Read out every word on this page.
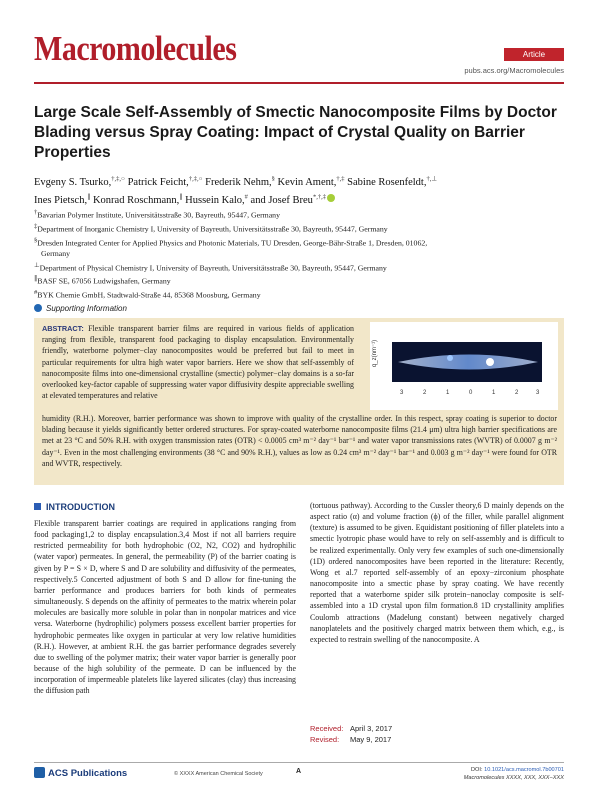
Macromolecules	Article
pubs.acs.org/Macromolecules
Large Scale Self-Assembly of Smectic Nanocomposite Films by Doctor Blading versus Spray Coating: Impact of Crystal Quality on Barrier Properties
Evgeny S. Tsurko,†,‡,○ Patrick Feicht,†,‡,○ Frederik Nehm,§ Kevin Ament,†,‡ Sabine Rosenfeldt,†,⊥
Ines Pietsch,∥ Konrad Roschmann,∥ Hussein Kalo,# and Josef Breu*,†,‡
†Bavarian Polymer Institute, Universitätsstraße 30, Bayreuth, 95447, Germany
‡Department of Inorganic Chemistry I, University of Bayreuth, Universitätsstraße 30, Bayreuth, 95447, Germany
§Dresden Integrated Center for Applied Physics and Photonic Materials, TU Dresden, George-Bähr-Straße 1, Dresden, 01062,
Germany
⊥Department of Physical Chemistry I, University of Bayreuth, Universitätsstraße 30, Bayreuth, 95447, Germany
∥BASF SE, 67056 Ludwigshafen, Germany
#BYK Chemie GmbH, Stadtwald-Straße 44, 85368 Moosburg, Germany
Supporting Information
ABSTRACT: Flexible transparent barrier films are required in various fields of application ranging from flexible, transparent food packaging to display encapsulation. Environmentally friendly, waterborne polymer−clay nanocomposites would be preferred but fail to meet in particular requirements for ultra high water vapor barriers. Here we show that self-assembly of nanocomposite films into one-dimensional crystalline (smectic) polymer−clay domains is a so-far overlooked key-factor capable of suppressing water vapor diffusivity despite appreciable swelling at elevated temperatures and relative
q_z(nm⁻¹)
3	2	1	0	1	2	3
humidity (R.H.). Moreover, barrier performance was shown to improve with quality of the crystalline order. In this respect, spray coating is superior to doctor blading because it yields significantly better ordered structures. For spray-coated waterborne nanocomposite films (21.4 μm) ultra high barrier specifications are met at 23 °C and 50% R.H. with oxygen transmission rates (OTR) < 0.0005 cm³ m⁻² day⁻¹ bar⁻¹ and water vapor transmissions rates (WVTR) of 0.0007 g m⁻² day⁻¹. Even in the most challenging environments (38 °C and 90% R.H.), values as low as 0.24 cm³ m⁻² day⁻¹ bar⁻¹ and 0.003 g m⁻² day⁻¹ were found for OTR and WVTR, respectively.
INTRODUCTION
Flexible transparent barrier coatings are required in applications ranging from food packaging1,2 to display encapsulation.3,4 Most if not all barriers require restricted permeability for both hydrophobic (O2, N2, CO2) and hydrophilic (water vapor) permeates. In general, the permeability (P) of the barrier coating is given by P = S × D, where S and D are solubility and diffusivity of the permeates, respectively.5 Concerted adjustment of both S and D allow for fine-tuning the barrier performance and produces barriers for both kinds of permeates simultaneously. S depends on the affinity of permeates to the matrix wherein polar molecules are basically more soluble in polar than in nonpolar matrices and vice versa. Waterborne (hydrophilic) polymers possess excellent barrier properties for hydrophobic permeates like oxygen in particular at very low relative humidities (R.H.). However, at ambient R.H. the gas barrier performance degrades severely due to swelling of the polymer matrix; their water vapor barrier is generally poor because of the high solubility of the permeate. D can be influenced by the incorporation of impermeable platelets like layered silicates (clay) thus increasing the diffusion path
(tortuous pathway). According to the Cussler theory,6 D mainly depends on the aspect ratio (α) and volume fraction (ϕ) of the filler, while parallel alignment (texture) is assumed to be given. Equidistant positioning of filler platelets into a smectic lyotropic phase would have to rely on self-assembly and is difficult to be realized experimentally. Only very few examples of such one-dimensionally (1D) ordered nanocomposites have been reported in the literature: Recently, Wong et al.7 reported self-assembly of an epoxy−zirconium phosphate nanocomposite into a smectic phase by spray coating. We have recently reported that a waterborne spider silk protein−nanoclay composite is self-assembled into a 1D crystal upon film formation.8 1D crystallinity amplifies Coulomb attractions (Madelung constant) between negatively charged nanoplatelets and the positively charged matrix between them which, e.g., is expected to restrain swelling of the nanocomposite. A
Received: April 3, 2017
Revised: May 9, 2017
ACS Publications	© XXXX American Chemical Society	A	DOI: 10.1021/acs.macromol.7b00701
Macromolecules XXXX, XXX, XXX−XXX
